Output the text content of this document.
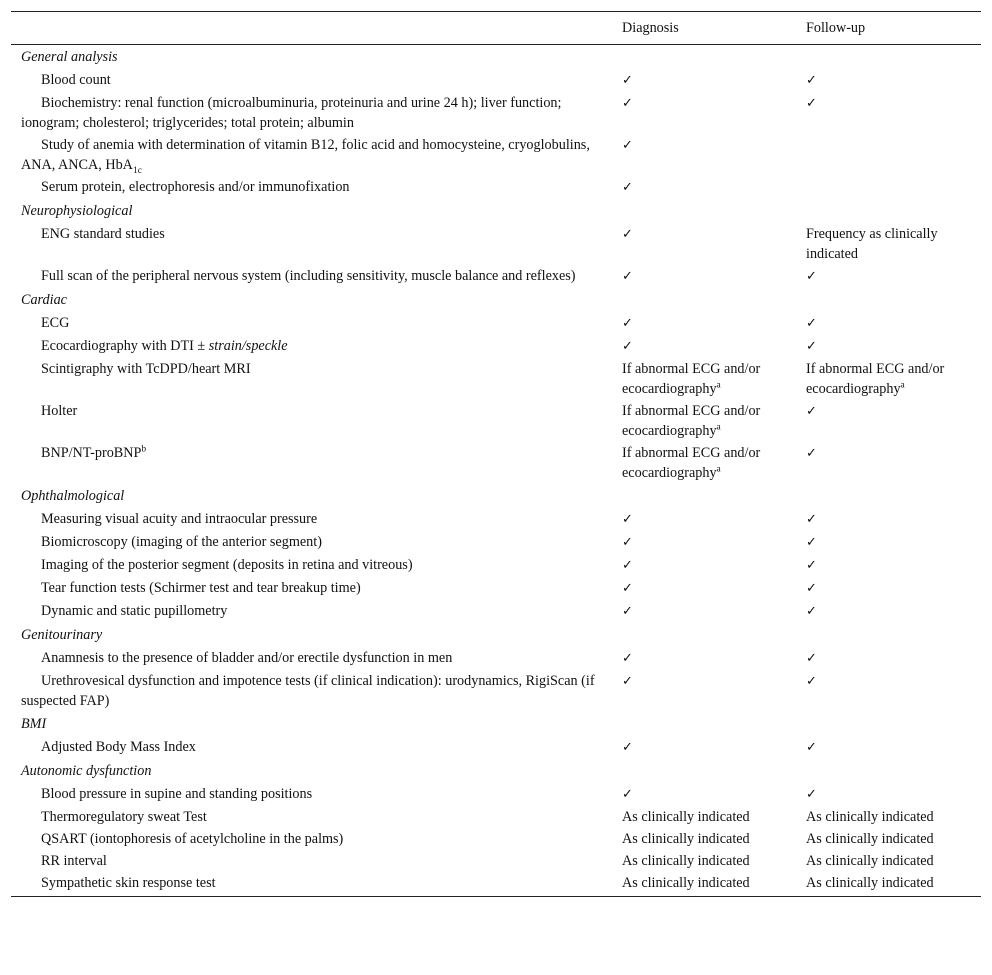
	Diagnosis	Follow-up
General analysis		
Blood count	✓	✓
Biochemistry: renal function (microalbuminuria, proteinuria and urine 24 h); liver function; ionogram; cholesterol; triglycerides; total protein; albumin	✓	✓
Study of anemia with determination of vitamin B12, folic acid and homocysteine, cryoglobulins, ANA, ANCA, HbA$_{1c}$	✓	
Serum protein, electrophoresis and/or immunofixation	✓	
Neurophysiological		
ENG standard studies	✓	Frequency as clinically indicated
Full scan of the peripheral nervous system (including sensitivity, muscle balance and reflexes)	✓	✓
Cardiac		
ECG	✓	✓
Ecocardiography with DTI ± strain/speckle	✓	✓
Scintigraphy with TcDPD/heart MRI	If abnormal ECG and/or ecocardiography$^a$	If abnormal ECG and/or ecocardiography$^a$
Holter	If abnormal ECG and/or ecocardiography$^a$	✓
BNP/NT-proBNP$^b$	If abnormal ECG and/or ecocardiography$^a$	✓
Ophthalmological		
Measuring visual acuity and intraocular pressure	✓	✓
Biomicroscopy (imaging of the anterior segment)	✓	✓
Imaging of the posterior segment (deposits in retina and vitreous)	✓	✓
Tear function tests (Schirmer test and tear breakup time)	✓	✓
Dynamic and static pupillometry	✓	✓
Genitourinary		
Anamnesis to the presence of bladder and/or erectile dysfunction in men	✓	✓
Urethrovesical dysfunction and impotence tests (if clinical indication): urodynamics, RigiScan (if suspected FAP)	✓	✓
BMI		
Adjusted Body Mass Index	✓	✓
Autonomic dysfunction		
Blood pressure in supine and standing positions	✓	✓
Thermoregulatory sweat Test	As clinically indicated	As clinically indicated
QSART (iontophoresis of acetylcholine in the palms)	As clinically indicated	As clinically indicated
RR interval	As clinically indicated	As clinically indicated
Sympathetic skin response test	As clinically indicated	As clinically indicated
